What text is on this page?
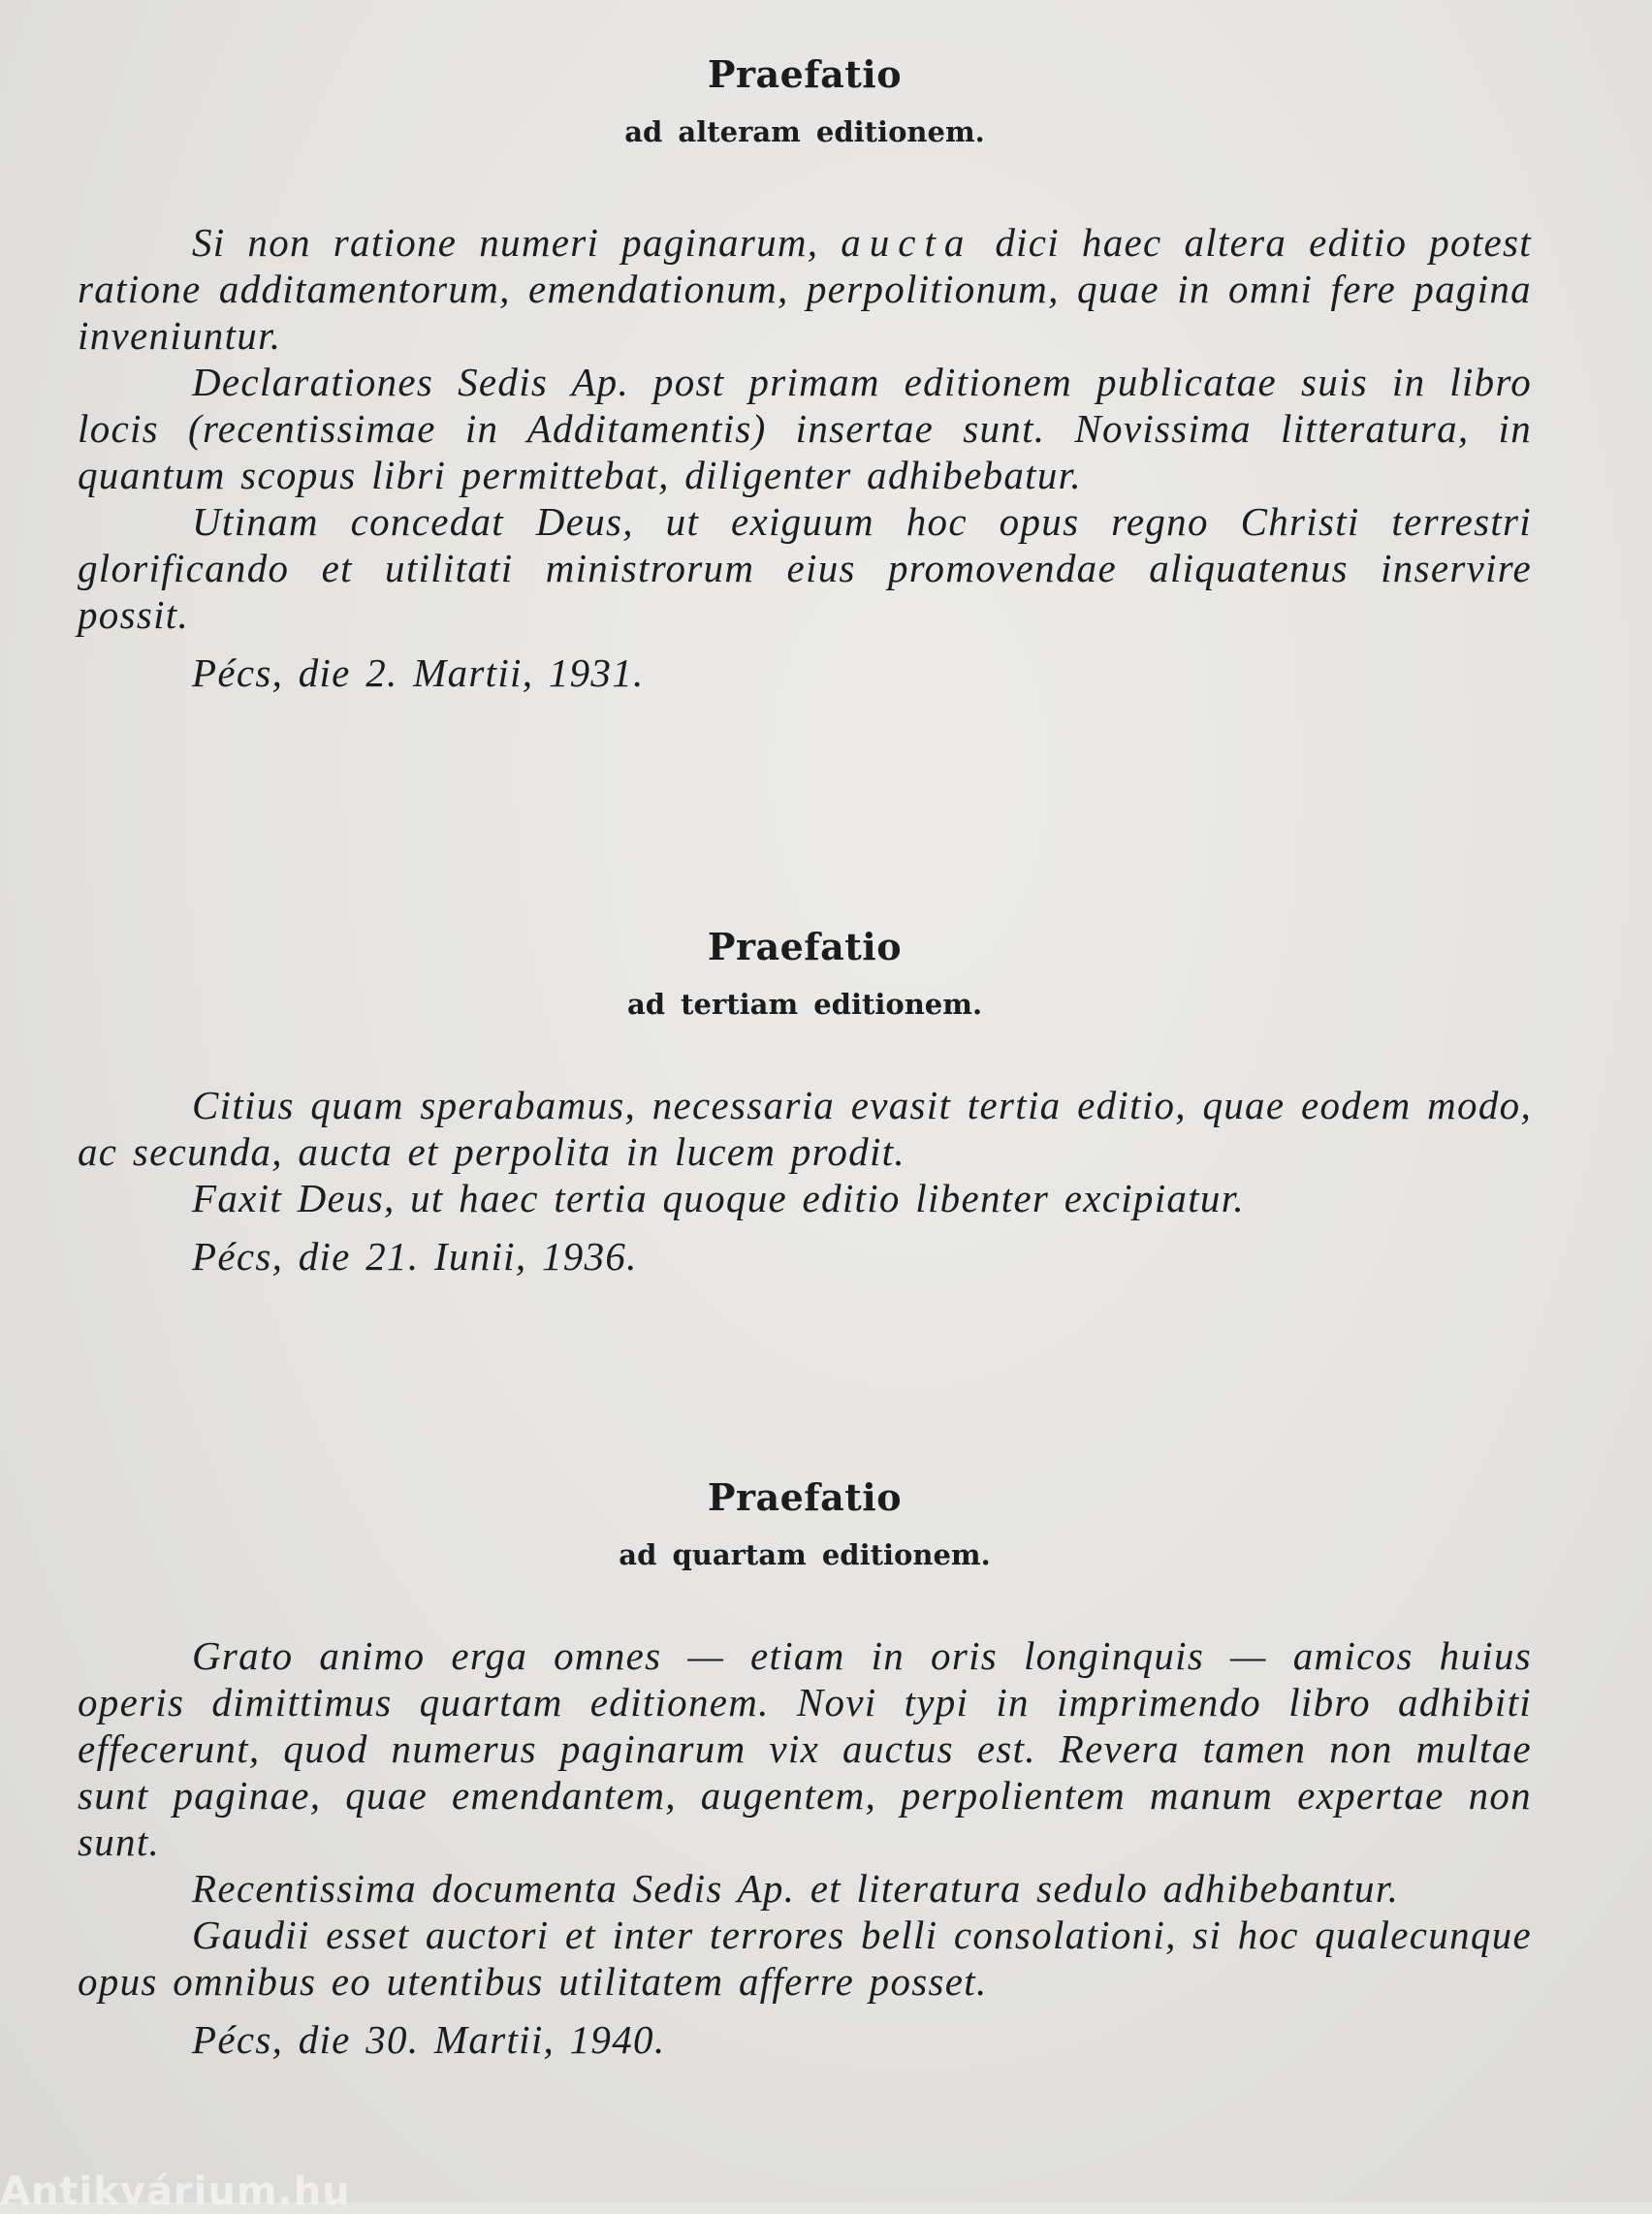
Praefatio
ad alteram editionem.

Si non ratione numeri paginarum, aucta dici haec altera editio potest ratione additamentorum, emendationum, perpolitionum, quae in omni fere pagina inveniuntur.

Declarationes Sedis Ap. post primam editionem publicatae suis in libro locis (recentissimae in Additamentis) insertae sunt. Novissima litteratura, in quantum scopus libri permittebat, diligenter adhibebatur.

Utinam concedat Deus, ut exiguum hoc opus regno Christi terrestri glorificando et utilitati ministrorum eius promovendae aliquatenus inservire possit.

Pécs, die 2. Martii, 1931.

Praefatio
ad tertiam editionem.

Citius quam sperabamus, necessaria evasit tertia editio, quae eodem modo, ac secunda, aucta et perpolita in lucem prodit.

Faxit Deus, ut haec tertia quoque editio libenter excipiatur.

Pécs, die 21. Iunii, 1936.

Praefatio
ad quartam editionem.

Grato animo erga omnes — etiam in oris longinquis — amicos huius operis dimittimus quartam editionem. Novi typi in imprimendo libro adhibiti effecerunt, quod numerus paginarum vix auctus est. Revera tamen non multae sunt paginae, quae emendantem, augentem, perpolientem manum expertae non sunt.

Recentissima documenta Sedis Ap. et literatura sedulo adhibebantur.

Gaudii esset auctori et inter terrores belli consolationi, si hoc qualecunque opus omnibus eo utentibus utilitatem afferre posset.

Pécs, die 30. Martii, 1940.

Antikvárium.hu
